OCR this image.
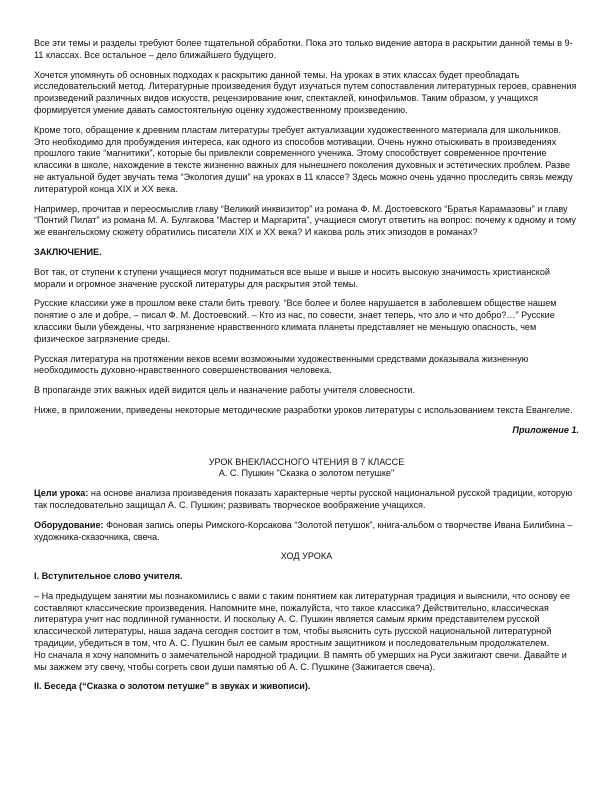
Все эти темы и разделы требуют более тщательной обработки. Пока это только видение автора в раскрытии данной темы в 9-11 классах. Все остальное – дело ближайшего будущего.

Хочется упомянуть об основных подходах к раскрытию данной темы. На уроках в этих классах будет преобладать исследовательский метод. Литературные произведения будут изучаться путем сопоставления литературных героев, сравнения произведений различных видов искусств, рецензирование книг, спектаклей, кинофильмов. Таким образом, у учащихся формируется умение давать самостоятельную оценку художественному произведению.

Кроме того, обращение к древним пластам литературы требует актуализации художественного материала для школьников. Это необходимо для пробуждения интереса, как одного из способов мотивации. Очень нужно отыскивать в произведениях прошлого такие “магнитики”, которые бы привлекли современного ученика. Этому способствует современное прочтение классики в школе, нахождение в тексте жизненно важных для нынешнего поколения духовных и эстетических проблем. Разве не актуальной будет звучать тема “Экология души” на уроках в 11 классе? Здесь можно очень удачно проследить связь между литературой конца XIX и XX века.

Например, прочитав и переосмыслив главу “Великий инквизитор” из романа Ф. М. Достоевского “Братья Карамазовы” и главу “Понтий Пилат” из романа М. А. Булгакова “Мастер и Маргарита”, учащиеся смогут ответить на вопрос: почему к одному и тому же евангельскому сюжету обратились писатели XIX и XX века? И какова роль этих эпизодов в романах?

ЗАКЛЮЧЕНИЕ.

Вот так, от ступени к ступени учащиеся могут подниматься все выше и выше и носить высокую значимость христианской морали и огромное значение русской литературы для раскрытия этой темы.

Русские классики уже в прошлом веке стали бить тревогу. “Все более и более нарушается в заболевшем обществе нашем понятие о зле и добре, – писал Ф. М. Достоевский. – Кто из нас, по совести, знает теперь, что зло и что добро?…” Русские классики были убеждены, что загрязнение нравственного климата планеты представляет не меньшую опасность, чем физическое загрязнение среды.

Русская литература на протяжении веков всеми возможными художественными средствами доказывала жизненную необходимость духовно-нравственного совершенствования человека.

В пропаганде этих важных идей видится цель и назначение работы учителя словесности.

Ниже, в приложении, приведены некоторые методические разработки уроков литературы с использованием текста Евангелие.

Приложение 1.
УРОК ВНЕКЛАССНОГО ЧТЕНИЯ В 7 КЛАССЕ
А. С. Пушкин "Сказка о золотом петушке"

Цели урока: на основе анализа произведения показать характерные черты русской национальной русской традиции, которую так последовательно защищал А. С. Пушкин; развивать творческое воображение учащихся.

Оборудование: Фоновая запись оперы Римского-Корсакова “Золотой петушок”, книга-альбом о творчестве Ивана Билибина – художника-сказочника, свеча.

ХОД УРОКА
I. Вступительное слово учителя.
– На предыдущем занятии мы познакомились с вами с таким понятием как литературная традиция и выяснили, что основу ее составляют классические произведения. Напомните мне, пожалуйста, что такое классика? Действительно, классическая литература учит нас подлинной гуманности. И поскольку А. С. Пушкин является самым ярким представителем русской классической литературы, наша задача сегодня состоит в том, чтобы выяснить суть русской национальной литературной традиции, убедиться в том, что А. С. Пушкин был ее самым яростным защитником и последовательным продолжателем.

Но сначала я хочу напомнить о замечательной народной традиции. В память об умерших на Руси зажигают свечи. Давайте и мы зажжем эту свечу, чтобы согреть свои души памятью об А. С. Пушкине (Зажигается свеча).

II. Беседа (“Сказка о золотом петушке” в звуках и живописи).
